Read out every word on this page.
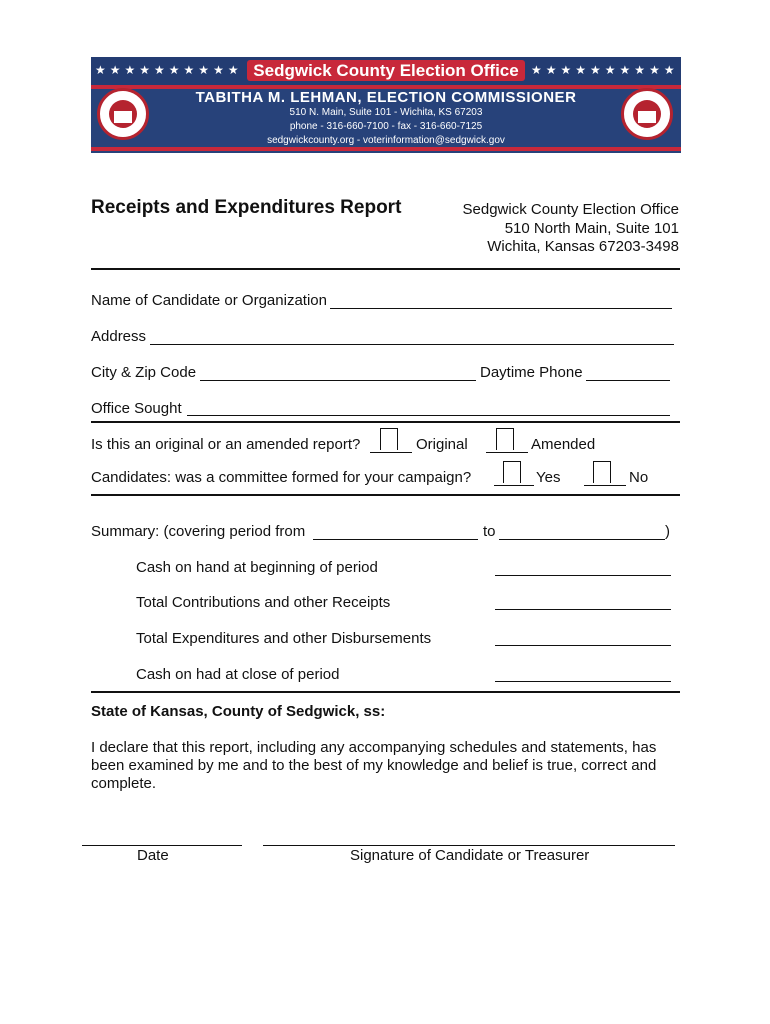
★★★★★★★★★★	★★★★★★★★★★
Sedgwick County Election Office
TABITHA M. LEHMAN, ELECTION COMMISSIONER
510 N. Main, Suite 101 - Wichita, KS 67203
phone - 316-660-7100 - fax - 316-660-7125
sedgwickcounty.org - voterinformation@sedgwick.gov
Receipts and Expenditures Report	Sedgwick County Election Office
510 North Main, Suite 101
Wichita, Kansas 67203-3498
Name of Candidate or Organization
Address
City & Zip Code	Daytime Phone
Office Sought
Is this an original or an amended report?	Original	Amended
Candidates: was a committee formed for your campaign?	Yes	No
Summary: (covering period from	to	)
Cash on hand at beginning of period
Total Contributions and other Receipts
Total Expenditures and other Disbursements
Cash on had at close of period
State of Kansas, County of Sedgwick, ss:
I declare that this report, including any accompanying schedules and statements, has
been examined by me and to the best of my knowledge and belief is true, correct and
complete.
Date	Signature of Candidate or Treasurer
